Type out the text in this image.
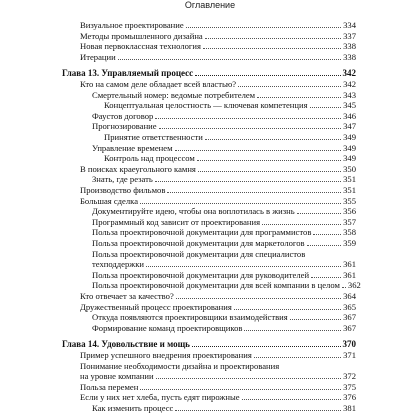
Оглавление
Визуальное проектирование	334
Методы промышленного дизайна	337
Новая первоклассная технология	338
Итерации	338
Глава 13. Управляемый процесс	342
Кто на самом деле обладает всей властью?	342
Смертельный номер: ведомые потребителем	343
Концептуальная целостность — ключевая компетенция	345
Фаустов договор	346
Прогнозирование	347
Принятие ответственности	349
Управление временем	349
Контроль над процессом	349
В поисках краеугольного камня	350
Знать, где резать	351
Производство фильмов	351
Большая сделка	355
Документируйте идею, чтобы она воплотилась в жизнь	356
Программный код зависит от проектирования	357
Польза проектировочной документации для программистов	358
Польза проектировочной документации для маркетологов	359
Польза проектировочной документации для специалистов
техподдержки	361
Польза проектировочной документации для руководителей	361
Польза проектировочной документации для всей компании в целом 362
Кто отвечает за качество?	364
Дружественный процесс проектирования	365
Откуда появляются проектировщики взаимодействия	367
Формирование команд проектировщиков	367
Глава 14. Удовольствие и мощь	370
Пример успешного внедрения проектирования	371
Понимание необходимости дизайна и проектирования
на уровне компании	372
Польза перемен	375
Если у них нет хлеба, пусть едят пирожные	376
Как изменить процесс	381
